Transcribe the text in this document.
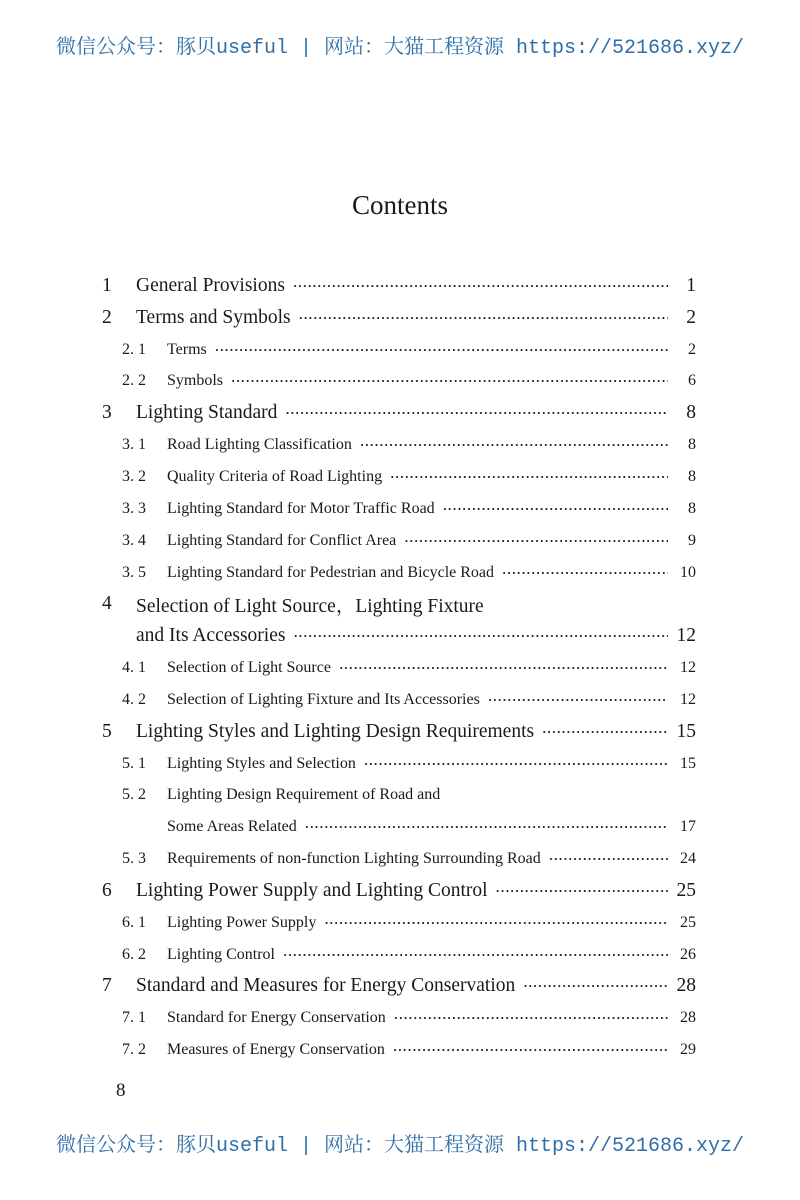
微信公众号：豚贝useful | 网站：大猫工程资源 https://521686.xyz/
Contents
1	General Provisions ·····	1
2	Terms and Symbols ·····	2
2. 1	Terms ·····	2
2. 2	Symbols ·····	6
3	Lighting Standard ·····	8
3. 1	Road Lighting Classification ·····	8
3. 2	Quality Criteria of Road Lighting ·····	8
3. 3	Lighting Standard for Motor Traffic Road ·····	8
3. 4	Lighting Standard for Conflict Area ·····	9
3. 5	Lighting Standard for Pedestrian and Bicycle Road ·····	10
4	Selection of Light Source，Lighting Fixture
and Its Accessories ·····	12
4. 1	Selection of Light Source ·····	12
4. 2	Selection of Lighting Fixture and Its Accessories ·····	12
5	Lighting Styles and Lighting Design Requirements ·····	15
5. 1	Lighting Styles and Selection ·····	15
5. 2	Lighting Design Requirement of Road and
Some Areas Related ·····	17
5. 3	Requirements of non-function Lighting Surrounding Road ·····	24
6	Lighting Power Supply and Lighting Control ·····	25
6. 1	Lighting Power Supply ·····	25
6. 2	Lighting Control ·····	26
7	Standard and Measures for Energy Conservation ·····	28
7. 1	Standard for Energy Conservation ·····	28
7. 2	Measures of Energy Conservation ·····	29
8
微信公众号：豚贝useful | 网站：大猫工程资源 https://521686.xyz/
